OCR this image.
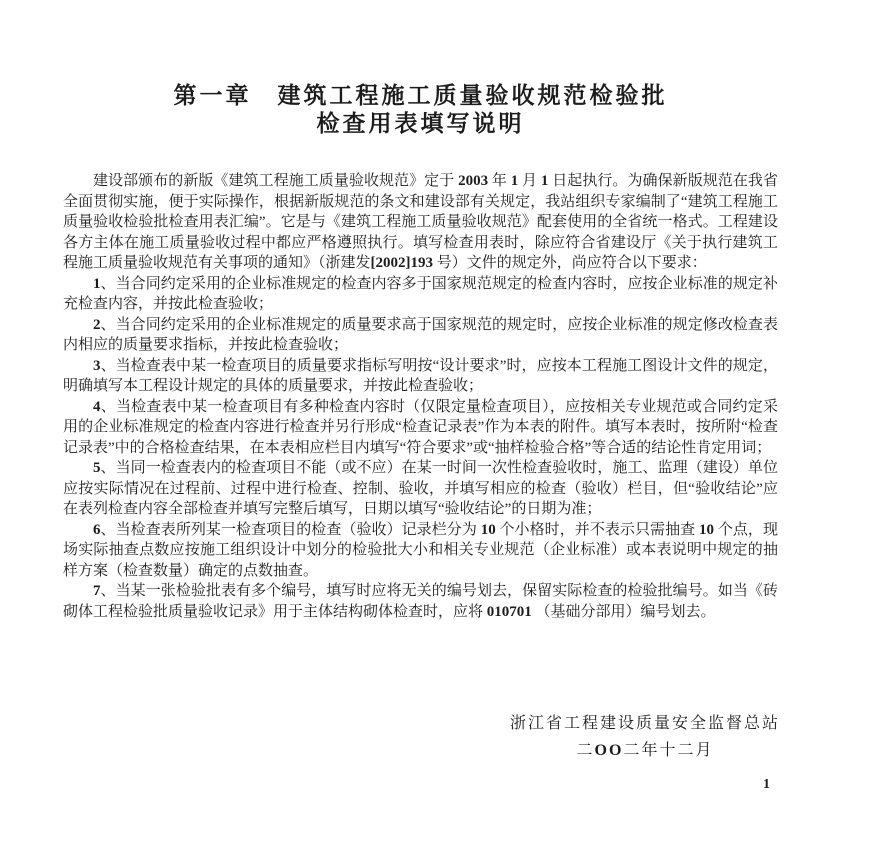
第一章　建筑工程施工质量验收规范检验批
检查用表填写说明

建设部颁布的新版《建筑工程施工质量验收规范》定于 2003 年 1 月 1 日起执行。为确保新版规范在我省全面贯彻实施，便于实际操作，根据新版规范的条文和建设部有关规定，我站组织专家编制了“建筑工程施工质量验收检验批检查用表汇编”。它是与《建筑工程施工质量验收规范》配套使用的全省统一格式。工程建设各方主体在施工质量验收过程中都应严格遵照执行。填写检查用表时，除应符合省建设厅《关于执行建筑工程施工质量验收规范有关事项的通知》（浙建发[2002]193 号）文件的规定外，尚应符合以下要求：

1、当合同约定采用的企业标准规定的检查内容多于国家规范规定的检查内容时，应按企业标准的规定补充检查内容，并按此检查验收；

2、当合同约定采用的企业标准规定的质量要求高于国家规范的规定时，应按企业标准的规定修改检查表内相应的质量要求指标，并按此检查验收；

3、当检查表中某一检查项目的质量要求指标写明按“设计要求”时，应按本工程施工图设计文件的规定，明确填写本工程设计规定的具体的质量要求，并按此检查验收；

4、当检查表中某一检查项目有多种检查内容时（仅限定量检查项目），应按相关专业规范或合同约定采用的企业标准规定的检查内容进行检查并另行形成“检查记录表”作为本表的附件。填写本表时，按所附“检查记录表”中的合格检查结果，在本表相应栏目内填写“符合要求”或“抽样检验合格”等合适的结论性肯定用词；

5、当同一检查表内的检查项目不能（或不应）在某一时间一次性检查验收时，施工、监理（建设）单位应按实际情况在过程前、过程中进行检查、控制、验收，并填写相应的检查（验收）栏目，但“验收结论”应在表列检查内容全部检查并填写完整后填写，日期以填写“验收结论”的日期为准；

6、当检查表所列某一检查项目的检查（验收）记录栏分为 10 个小格时，并不表示只需抽查 10 个点，现场实际抽查点数应按施工组织设计中划分的检验批大小和相关专业规范（企业标准）或本表说明中规定的抽样方案（检查数量）确定的点数抽查。

7、当某一张检验批表有多个编号，填写时应将无关的编号划去，保留实际检查的检验批编号。如当《砖砌体工程检验批质量验收记录》用于主体结构砌体检查时，应将 010701 （基础分部用）编号划去。

浙江省工程建设质量安全监督总站
二OO二年十二月
1
